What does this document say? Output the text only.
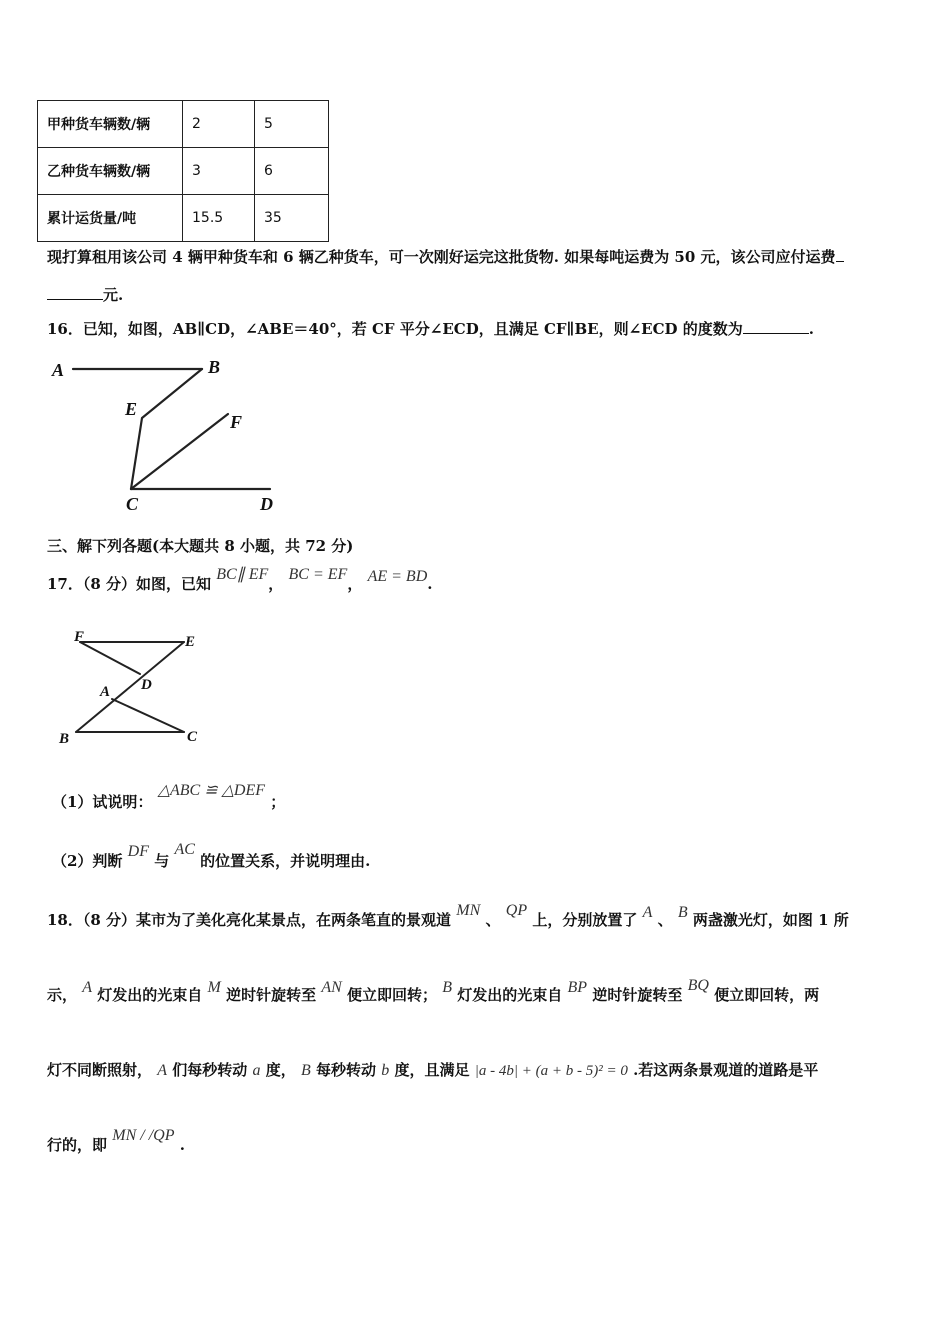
甲种货车辆数/辆	2	5
乙种货车辆数/辆	3	6
累计运货量/吨	15.5	35
现打算租用该公司 4 辆甲种货车和 6 辆乙种货车，可一次刚好运完这批货物. 如果每吨运费为 50 元，该公司应付运费
元.
16．已知，如图，AB∥CD，∠ABE＝40°，若 CF 平分∠ECD，且满足 CF∥BE，则∠ECD 的度数为	.
A	B
E
F
C	D
三、解下列各题(本大题共 8 小题，共 72 分)
17．（8 分）如图，已知 BC∥ EF， BC = EF， AE = BD.
F	E
A D
B	C
（1）试说明： △ABC ≌ △DEF ；
（2）判断 DF 与 AC 的位置关系，并说明理由.
18．（8 分）某市为了美化亮化某景点，在两条笔直的景观道 MN 、 QP 上，分别放置了 A 、 B 两盏激光灯，如图 1 所
示， A 灯发出的光束自 M 逆时针旋转至 AN 便立即回转； B 灯发出的光束自 BP 逆时针旋转至 BQ 便立即回转，两
灯不同断照射， A 们每秒转动 a 度， B 每秒转动 b 度，且满足 |a - 4b| + (a + b - 5)² = 0 .若这两条景观道的道路是平
行的，即 MN / /QP .
